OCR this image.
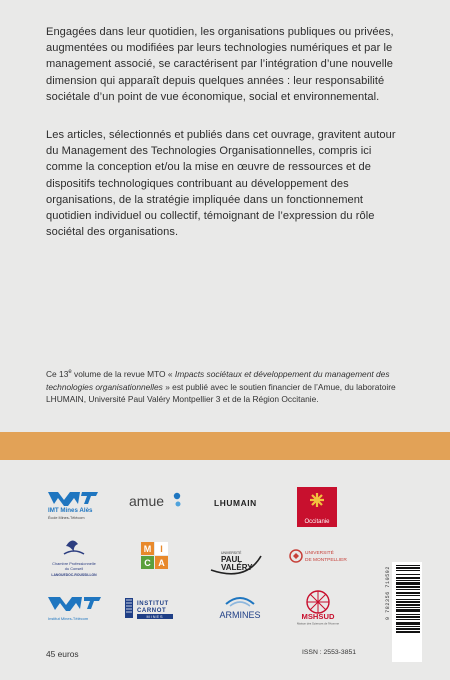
Engagées dans leur quotidien, les organisations publiques ou privées, augmentées ou modifiées par leurs technologies numériques et par le management associé, se caractérisent par l’intégration d’une nouvelle dimension qui apparaît depuis quelques années : leur responsabilité sociétale d’un point de vue économique, social et environnemental.

Les articles, sélectionnés et publiés dans cet ouvrage, gravitent autour du Management des Technologies Organisationnelles, compris ici comme la conception et/ou la mise en œuvre de ressources et de dispositifs technologiques contribuant au développement des organisations, de la stratégie impliquée dans un fonctionnement quotidien individuel ou collectif, témoignant de l’expression du rôle sociétal des organisations.

Ce 13e volume de la revue MTO « Impacts sociétaux et développement du management des technologies organisationnelles » est publié avec le soutien financier de l’Amue, du laboratoire LHUMAIN, Université Paul Valéry Montpellier 3 et de la Région Occitanie.

IMT Mines Alès
École Mines-Télécom
amue	LHUMAIN
Occitanie
Chambre Professionnelle
du Conseil
LANGUEDOC-ROUSSILLON
M I
C A
UNIVERSITÉ
PAUL
VALÉRY
UNIVERSITÉ
DE MONTPELLIER
Institut Mines-Télécom
INSTITUT
CARNOT
MINES	ARMINES	MSHSUD
Maison des Sciences de l'Homme
9 782356 710592
45 euros	ISSN : 2553-3851
